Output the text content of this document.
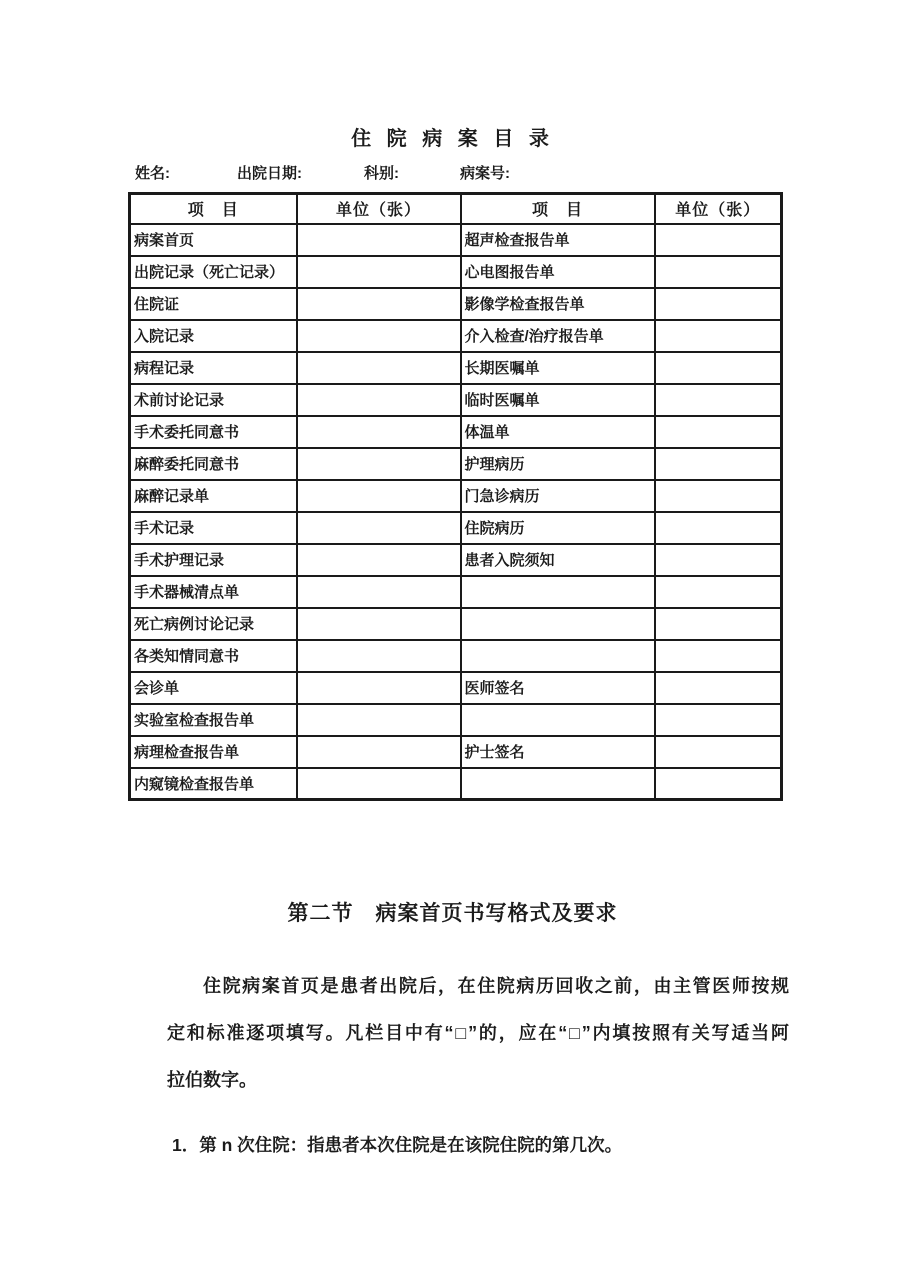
住 院 病 案 目 录
姓名:	出院日期:	科别:	病案号:
项　目	单位（张）	项　目	单位（张）
病案首页		超声检查报告单	
出院记录（死亡记录）		心电图报告单	
住院证		影像学检查报告单	
入院记录		介入检查/治疗报告单	
病程记录		长期医嘱单	
术前讨论记录		临时医嘱单	
手术委托同意书		体温单	
麻醉委托同意书		护理病历	
麻醉记录单		门急诊病历	
手术记录		住院病历	
手术护理记录		患者入院须知	
手术器械清点单			
死亡病例讨论记录			
各类知情同意书			
会诊单		医师签名	
实验室检查报告单			
病理检查报告单		护士签名	
内窥镜检查报告单			
第二节　病案首页书写格式及要求
住院病案首页是患者出院后，在住院病历回收之前，由主管医师按规
定和标准逐项填写。凡栏目中有“□”的，应在“□”内填按照有关写适当阿
拉伯数字。
1．第 n 次住院：指患者本次住院是在该院住院的第几次。
